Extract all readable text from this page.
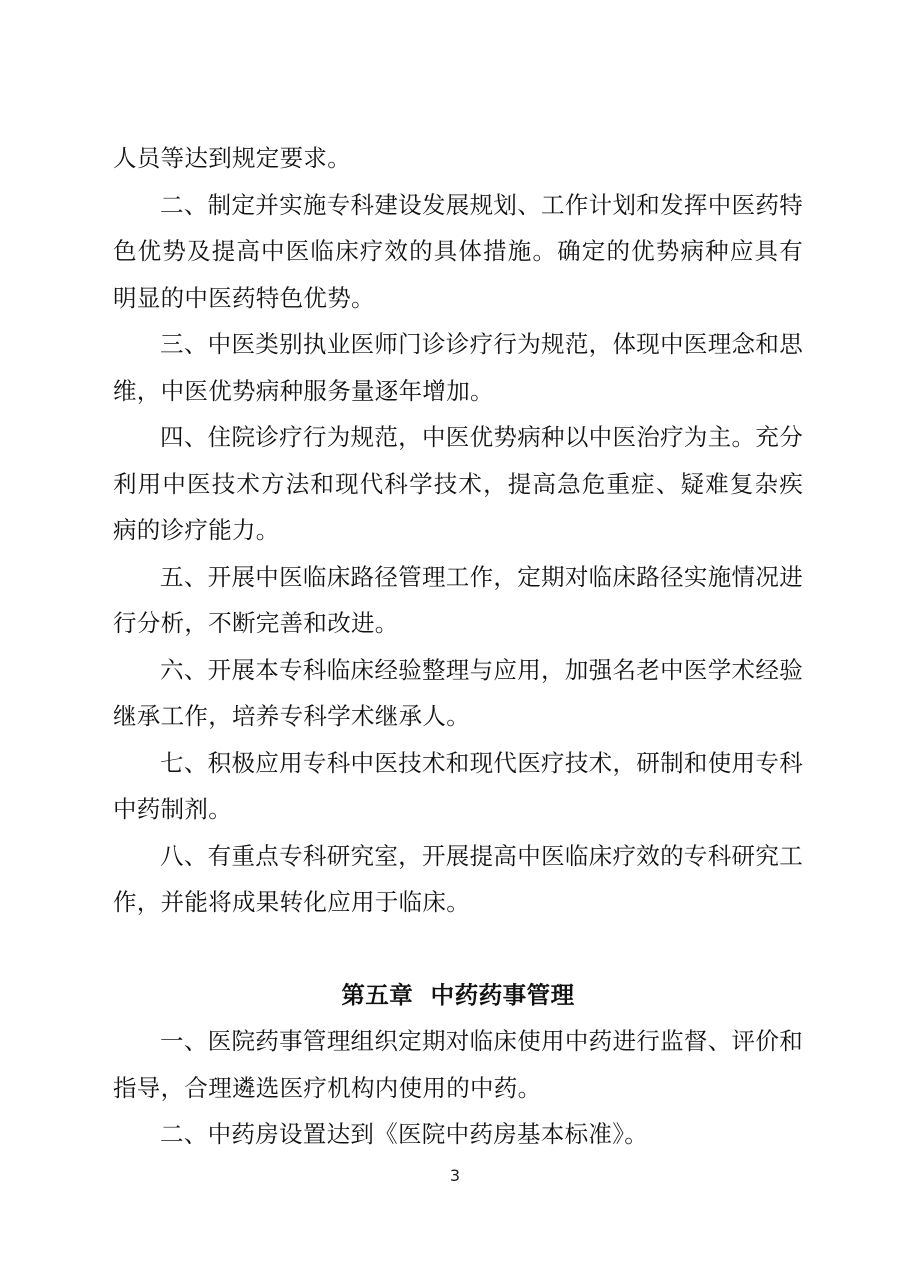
人员等达到规定要求。

二、制定并实施专科建设发展规划、工作计划和发挥中医药特色优势及提高中医临床疗效的具体措施。确定的优势病种应具有明显的中医药特色优势。

三、中医类别执业医师门诊诊疗行为规范，体现中医理念和思维，中医优势病种服务量逐年增加。

四、住院诊疗行为规范，中医优势病种以中医治疗为主。充分利用中医技术方法和现代科学技术，提高急危重症、疑难复杂疾病的诊疗能力。

五、开展中医临床路径管理工作，定期对临床路径实施情况进行分析，不断完善和改进。

六、开展本专科临床经验整理与应用，加强名老中医学术经验继承工作，培养专科学术继承人。

七、积极应用专科中医技术和现代医疗技术，研制和使用专科中药制剂。

八、有重点专科研究室，开展提高中医临床疗效的专科研究工作，并能将成果转化应用于临床。

第五章  中药药事管理

一、医院药事管理组织定期对临床使用中药进行监督、评价和指导，合理遴选医疗机构内使用的中药。

二、中药房设置达到《医院中药房基本标准》。

3
